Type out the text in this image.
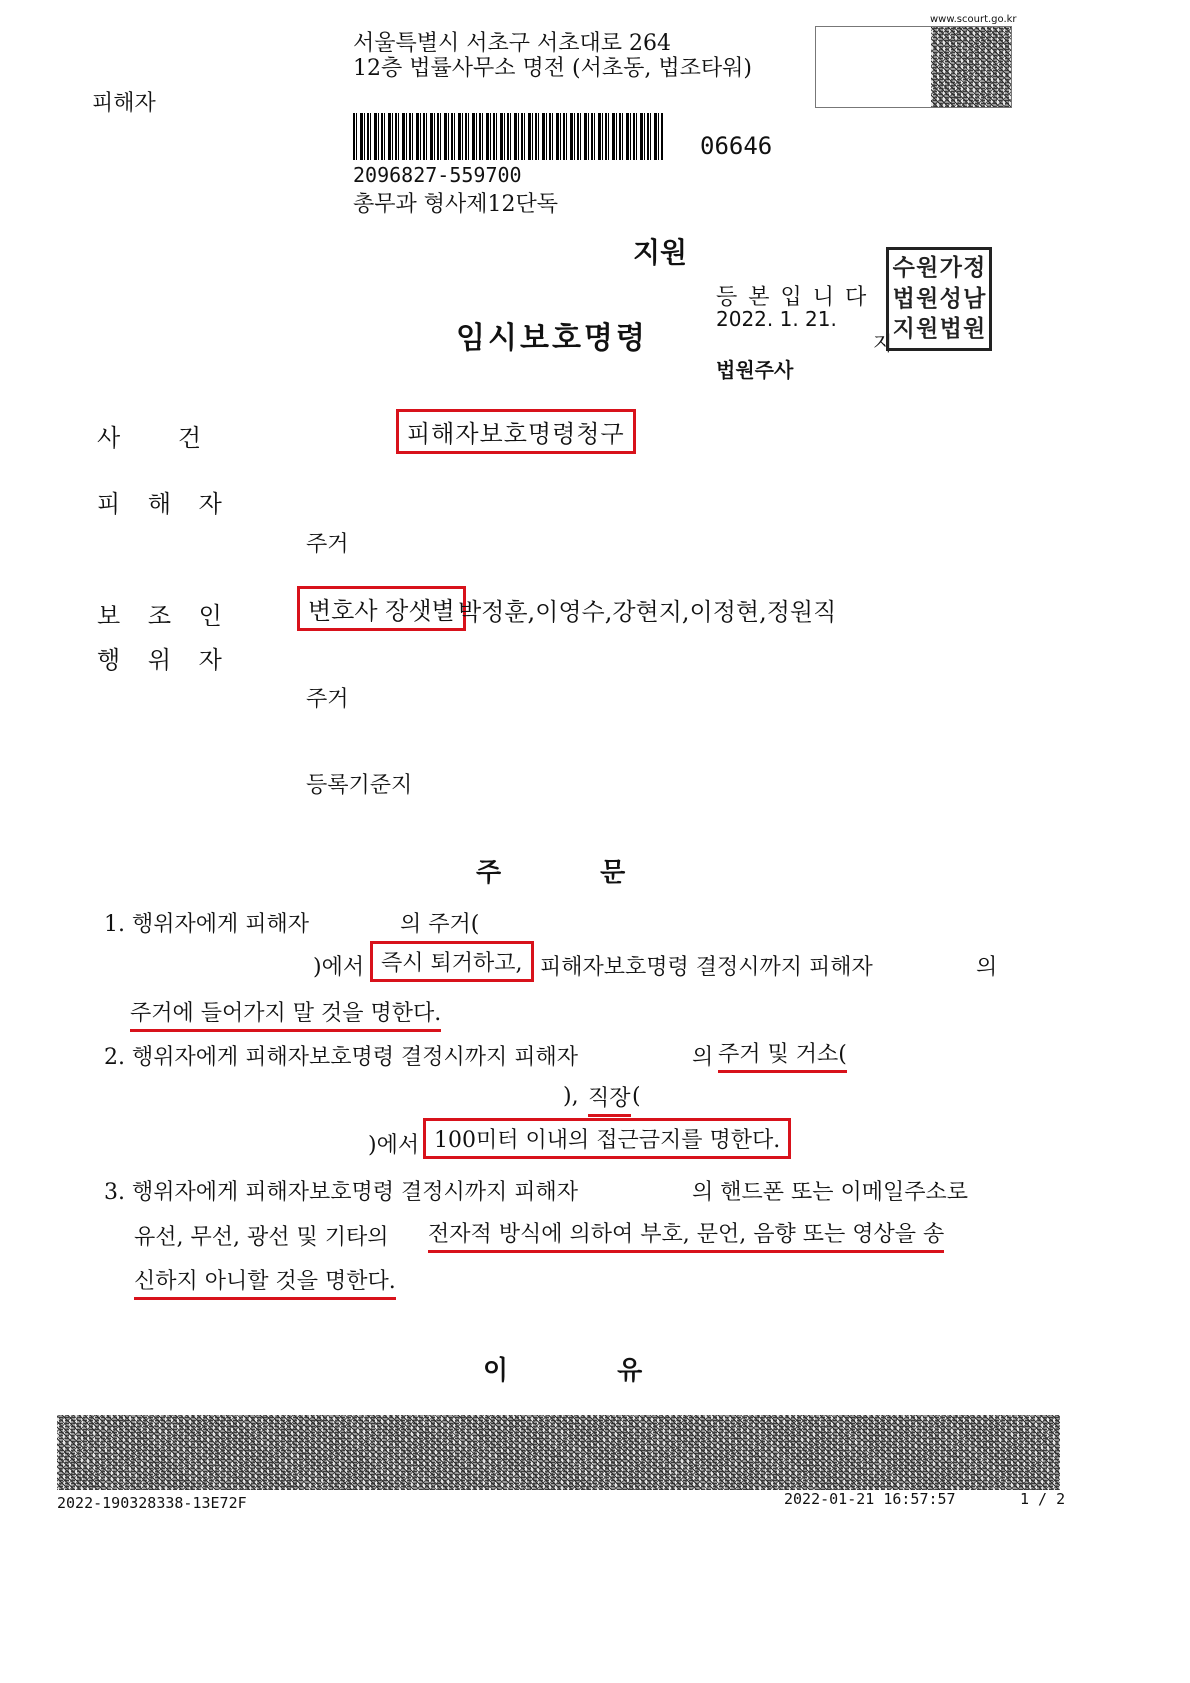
서울특별시 서초구 서초대로 264
12층 법률사무소 명전 (서초동, 법조타워)
피해자
2096827-559700
06646
총무과 형사제12단독
www.scourt.go.kr
지원
등 본 입 니 다
2022. 1. 21.
법원주사
지
수 원 가 정
법 원 성 남
지 원 법 원
임시보호명령
사 건	피해자보호명령청구
피 해 자
주거
보 조 인	변호사 장샛별 박정훈,이영수,강현지,이정현,정원직
행 위 자
주거
등록기준지
주 문
1. 행위자에게 피해자	의 주거(
)에서 즉시 퇴거하고, 피해자보호명령 결정시까지 피해자	의
주거에 들어가지 말 것을 명한다.
2. 행위자에게 피해자보호명령 결정시까지 피해자	의 주거 및 거소(
), 직장 (
)에서 100미터 이내의 접근금지를 명한다.
3. 행위자에게 피해자보호명령 결정시까지 피해자	의 핸드폰 또는 이메일주소로
유선, 무선, 광선 및 기타의 전자적 방식에 의하여 부호, 문언, 음향 또는 영상을 송
신하지 아니할 것을 명한다.
이 유
2022-190328338-13E72F	2022-01-21 16:57:57	1 / 2
